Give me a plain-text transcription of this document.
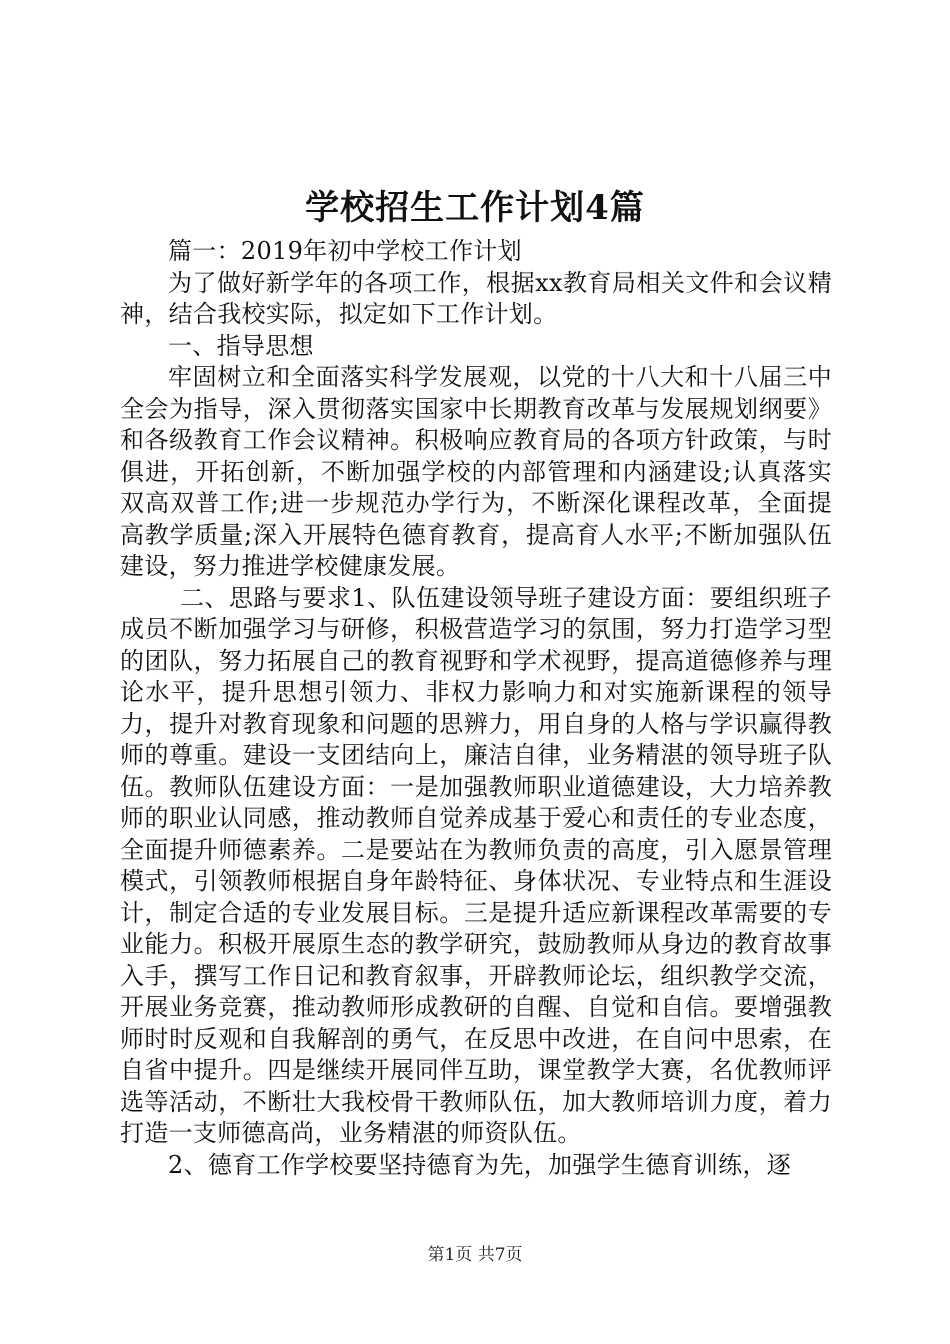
学校招生工作计划4篇

篇一：2019年初中学校工作计划

为了做好新学年的各项工作，根据xx教育局相关文件和会议精神，结合我校实际，拟定如下工作计划。

一、指导思想

牢固树立和全面落实科学发展观，以党的十八大和十八届三中全会为指导，深入贯彻落实国家中长期教育改革与发展规划纲要》和各级教育工作会议精神。积极响应教育局的各项方针政策，与时俱进，开拓创新，不断加强学校的内部管理和内涵建设;认真落实双高双普工作;进一步规范办学行为，不断深化课程改革，全面提高教学质量;深入开展特色德育教育，提高育人水平;不断加强队伍建设，努力推进学校健康发展。

二、思路与要求1、队伍建设领导班子建设方面：要组织班子成员不断加强学习与研修，积极营造学习的氛围，努力打造学习型的团队，努力拓展自己的教育视野和学术视野，提高道德修养与理论水平，提升思想引领力、非权力影响力和对实施新课程的领导力，提升对教育现象和问题的思辨力，用自身的人格与学识赢得教师的尊重。建设一支团结向上，廉洁自律，业务精湛的领导班子队伍。教师队伍建设方面：一是加强教师职业道德建设，大力培养教师的职业认同感，推动教师自觉养成基于爱心和责任的专业态度，全面提升师德素养。二是要站在为教师负责的高度，引入愿景管理模式，引领教师根据自身年龄特征、身体状况、专业特点和生涯设计，制定合适的专业发展目标。三是提升适应新课程改革需要的专业能力。积极开展原生态的教学研究，鼓励教师从身边的教育故事入手，撰写工作日记和教育叙事，开辟教师论坛，组织教学交流，开展业务竞赛，推动教师形成教研的自醒、自觉和自信。要增强教师时时反观和自我解剖的勇气，在反思中改进，在自问中思索，在自省中提升。四是继续开展同伴互助，课堂教学大赛，名优教师评选等活动，不断壮大我校骨干教师队伍，加大教师培训力度，着力打造一支师德高尚，业务精湛的师资队伍。

2、德育工作学校要坚持德育为先，加强学生德育训练，逐

第1页 共7页
